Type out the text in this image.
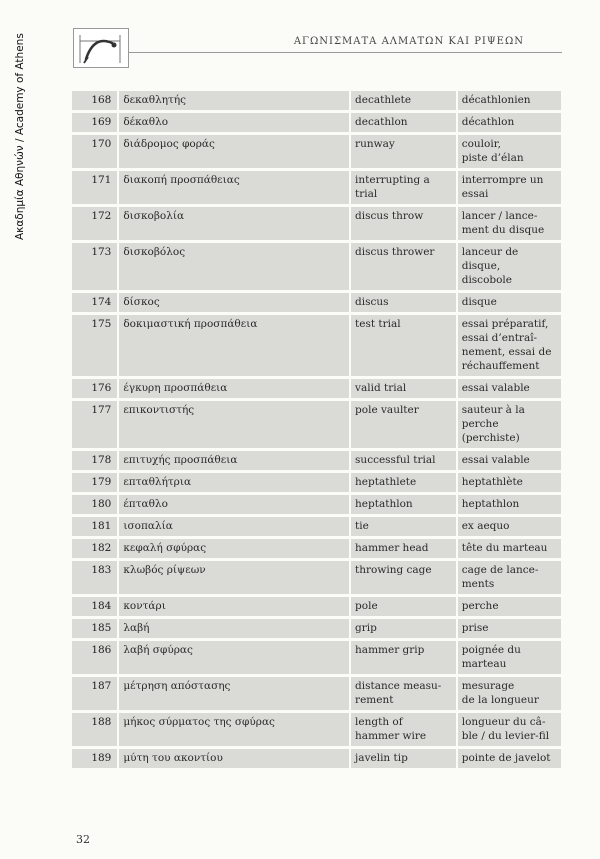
Ακαδημία Αθηνών / Academy of Athens	ΑΓΩΝΙΣΜΑΤΑ ΑΛΜΑΤΩΝ ΚΑΙ ΡΙΨΕΩΝ
168	δεκαθλητής	decathlete	décathlonien
169	δέκαθλο	decathlon	décathlon
170	διάδρομος φοράς	runway	couloir,
piste d’élan
171	διακοπή προσπάθειας	interrupting a
trial	interrompre un
essai
172	δισκοβολία	discus throw	lancer / lance-
ment du disque
173	δισκοβόλος	discus thrower	lanceur de disque,
discobole
174	δίσκος	discus	disque
175	δοκιμαστική προσπάθεια	test trial	essai préparatif,
essai d’entraî-
nement, essai de
réchauffement
176	έγκυρη προσπάθεια	valid trial	essai valable
177	επικοντιστής	pole vaulter	sauteur à la
perche (perchiste)
178	επιτυχής προσπάθεια	successful trial	essai valable
179	επταθλήτρια	heptathlete	heptathlète
180	έπταθλο	heptathlon	heptathlon
181	ισοπαλία	tie	ex aequo
182	κεφαλή σφύρας	hammer head	tête du marteau
183	κλωβός ρίψεων	throwing cage	cage de lance-
ments
184	κοντάρι	pole	perche
185	λαβή	grip	prise
186	λαβή σφύρας	hammer grip	poignée du
marteau
187	μέτρηση απόστασης	distance measu-
rement	mesurage
de la longueur
188	μήκος σύρματος της σφύρας	length of
hammer wire	longueur du câ-
ble / du levier-fil
189	μύτη του ακοντίου	javelin tip	pointe de javelot
32
